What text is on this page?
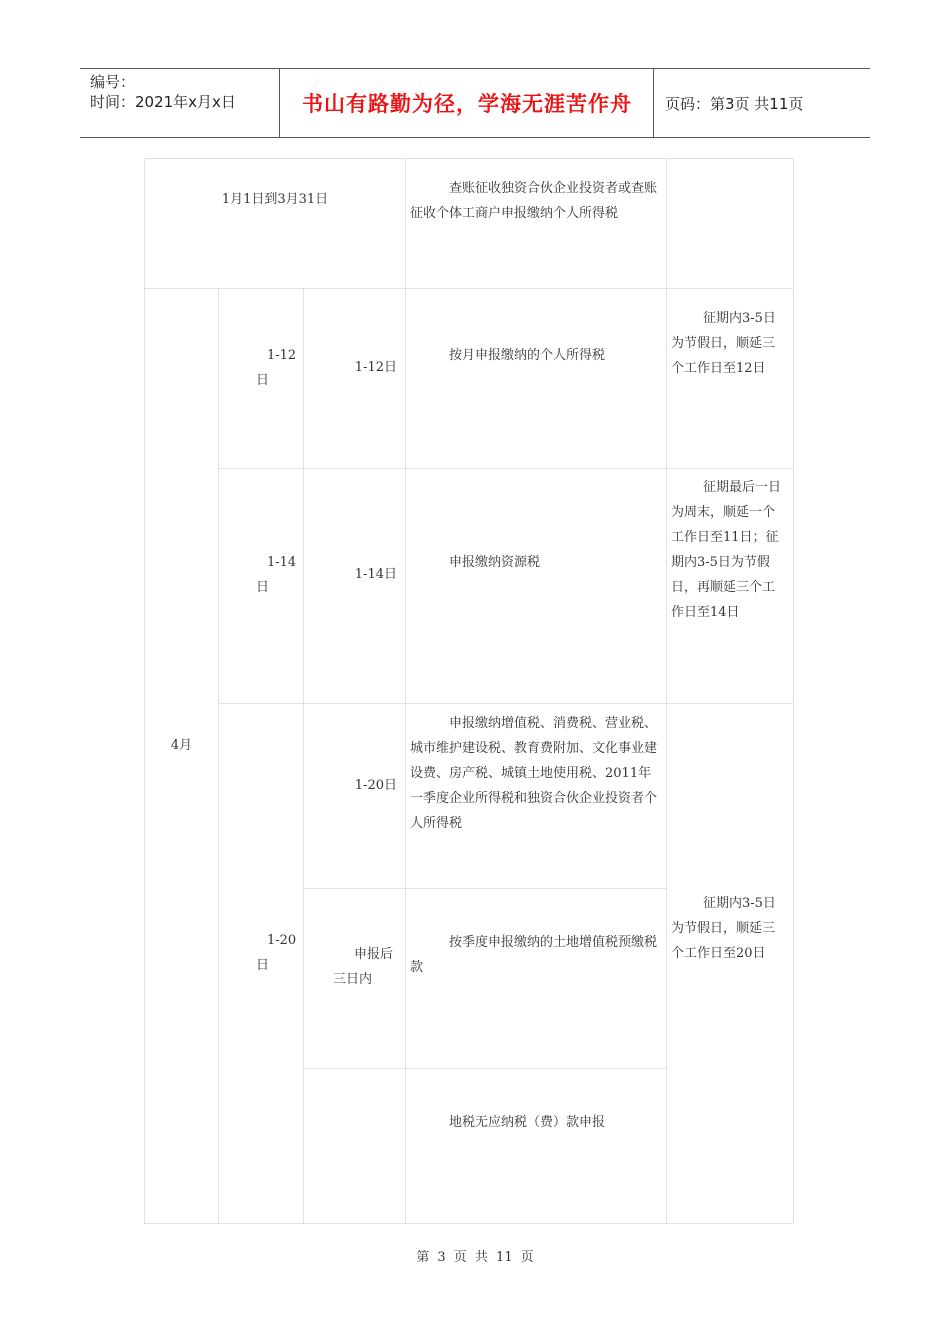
编号：
时间：2021年x月x日	书山有路勤为径，学海无涯苦作舟	页码：第3页 共11页
1月1日到3月31日
查账征收独资合伙企业投资者或查账征收个体工商户申报缴纳个人所得税
4月
1-12
日
1-12日
按月申报缴纳的个人所得税
征期内3-5日为节假日，顺延三个工作日至12日
1-14
日
1-14日
申报缴纳资源税
征期最后一日为周末，顺延一个工作日至11日；征期内3-5日为节假日，再顺延三个工作日至14日
1-20
日
1-20日
申报缴纳增值税、消费税、营业税、城市维护建设税、教育费附加、文化事业建设费、房产税、城镇土地使用税、2011年一季度企业所得税和独资合伙企业投资者个人所得税
申报后
三日内
按季度申报缴纳的土地增值税预缴税款
地税无应纳税（费）款申报
征期内3-5日为节假日，顺延三个工作日至20日
第 3 页 共 11 页
